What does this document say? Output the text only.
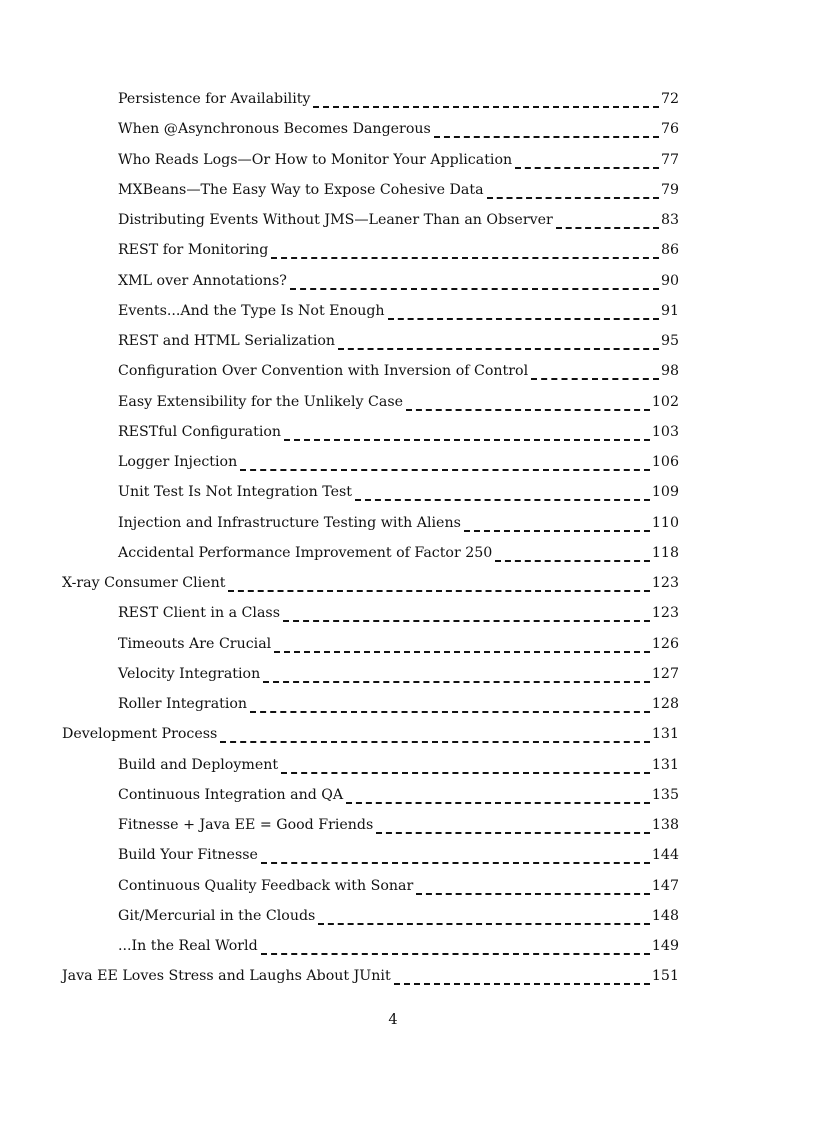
Persistence for Availability	72
When @Asynchronous Becomes Dangerous	76
Who Reads Logs—Or How to Monitor Your Application	77
MXBeans—The Easy Way to Expose Cohesive Data	79
Distributing Events Without JMS—Leaner Than an Observer	83
REST for Monitoring	86
XML over Annotations?	90
Events...And the Type Is Not Enough	91
REST and HTML Serialization	95
Configuration Over Convention with Inversion of Control	98
Easy Extensibility for the Unlikely Case	102
RESTful Configuration	103
Logger Injection	106
Unit Test Is Not Integration Test	109
Injection and Infrastructure Testing with Aliens	110
Accidental Performance Improvement of Factor 250	118
X-ray Consumer Client	123
REST Client in a Class	123
Timeouts Are Crucial	126
Velocity Integration	127
Roller Integration	128
Development Process	131
Build and Deployment	131
Continuous Integration and QA	135
Fitnesse + Java EE = Good Friends	138
Build Your Fitnesse	144
Continuous Quality Feedback with Sonar	147
Git/Mercurial in the Clouds	148
...In the Real World	149
Java EE Loves Stress and Laughs About JUnit	151
4
